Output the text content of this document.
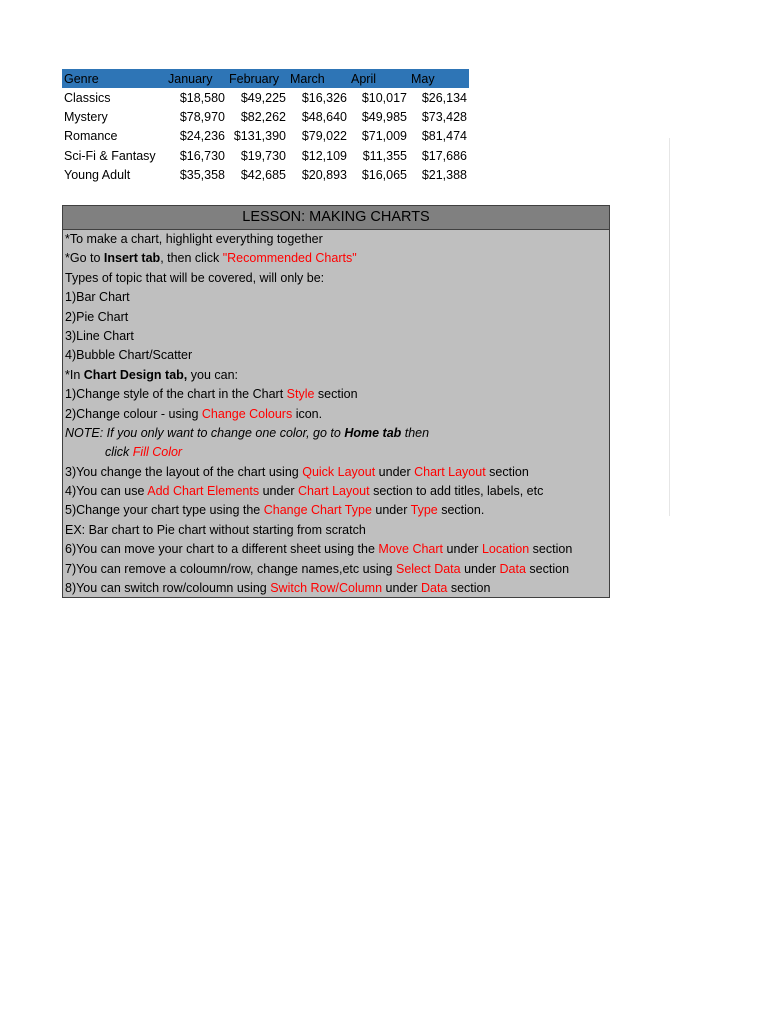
Genre	January	February	March	April	May
Classics	$18,580	$49,225	$16,326	$10,017	$26,134
Mystery	$78,970	$82,262	$48,640	$49,985	$73,428
Romance	$24,236	$131,390	$79,022	$71,009	$81,474
Sci-Fi & Fantasy	$16,730	$19,730	$12,109	$11,355	$17,686
Young Adult	$35,358	$42,685	$20,893	$16,065	$21,388
LESSON: MAKING CHARTS
*To make a chart, highlight everything together
*Go to Insert tab, then click "Recommended Charts"
Types of topic that will be covered, will only be:
1)Bar Chart
2)Pie Chart
3)Line Chart
4)Bubble Chart/Scatter
*In Chart Design tab, you can:
1)Change style of the chart in the Chart Style section
2)Change colour - using Change Colours icon.
NOTE: If you only want to change one color, go to Home tab then
click Fill Color
3)You change the layout of the chart using Quick Layout under Chart Layout section
4)You can use Add Chart Elements under Chart Layout section to add titles, labels, etc
5)Change your chart type using the Change Chart Type under Type section.
EX: Bar chart to Pie chart without starting from scratch
6)You can move your chart to a different sheet using the Move Chart under Location section
7)You can remove a coloumn/row, change names,etc using Select Data under Data section
8)You can switch row/coloumn using Switch Row/Column under Data section
